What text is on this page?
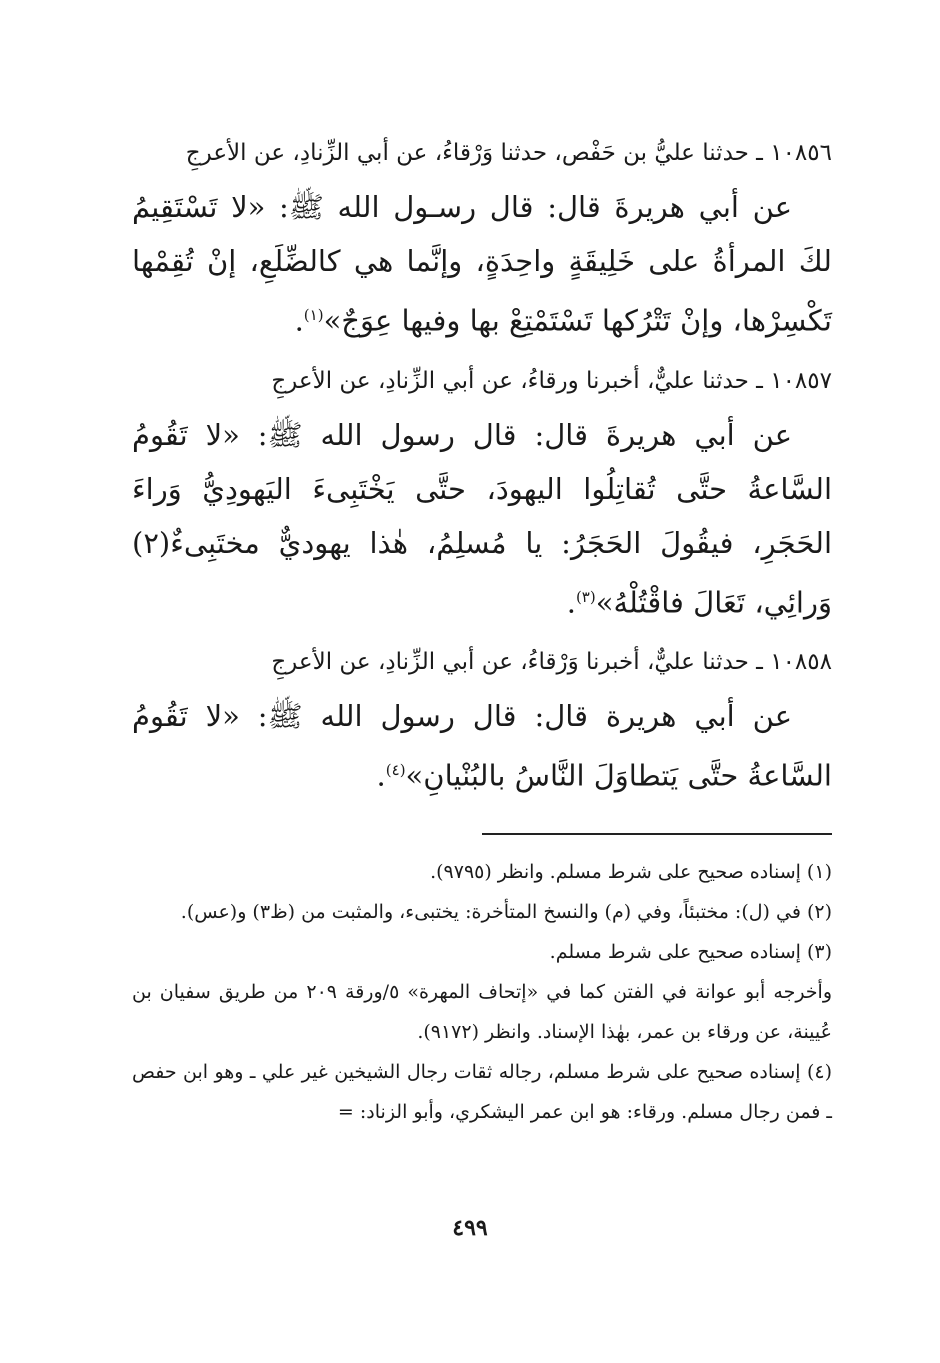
١٠٨٥٦ ـ حدثنا عليُّ بن حَفْص، حدثنا وَرْقاءُ، عن أبي الزِّنادِ، عن الأعرجِ

عن أبي هريرةَ قال: قال رسـول الله ﷺ: «لا تَسْتَقِيمُ لكَ المرأةُ على خَلِيقَةٍ واحِدَةٍ، وإنَّما هي كالضِّلَعِ، إنْ تُقِمْها تَكْسِرْها، وإنْ تَتْرُكها تَسْتَمْتِعْ بها وفيها عِوَجٌ»$^{(١)}$.

١٠٨٥٧ ـ حدثنا عليٌّ، أخبرنا ورقاءُ، عن أبي الزِّنادِ، عن الأعرجِ

عن أبي هريرةَ قال: قال رسول الله ﷺ: «لا تَقُومُ السَّاعةُ حتَّى تُقاتِلُوا اليهودَ، حتَّى يَخْتَبِىءَ اليَهودِيُّ وَراءَ الحَجَرِ، فيقُولَ الحَجَرُ: يا مُسلِمُ، هٰذا يهوديٌّ مختَبِىءٌ(٢) وَرائِي، تَعَالَ فاقْتُلْهُ»$^{(٣)}$.

١٠٨٥٨ ـ حدثنا عليٌّ، أخبرنا وَرْقاءُ، عن أبي الزِّنادِ، عن الأعرجِ

عن أبي هريرة قال: قال رسول الله ﷺ: «لا تَقُومُ السَّاعةُ حتَّى يَتطاوَلَ النَّاسُ بالبُنْيانِ»$^{(٤)}$.

(١) إسناده صحيح على شرط مسلم. وانظر (٩٧٩٥).

(٢) في (ل): مختبئاً، وفي (م) والنسخ المتأخرة: يختبىء، والمثبت من (ظ٣) و(عس).

(٣) إسناده صحيح على شرط مسلم.

وأخرجه أبو عوانة في الفتن كما في «إتحاف المهرة» ٥/ورقة ٢٠٩ من طريق سفيان بن عُيينة، عن ورقاء بن عمر، بهٰذا الإسناد. وانظر (٩١٧٢).

(٤) إسناده صحيح على شرط مسلم، رجاله ثقات رجال الشيخين غير علي ـ وهو ابن حفص ـ فمن رجال مسلم. ورقاء: هو ابن عمر اليشكري، وأبو الزناد: =

٤٩٩
